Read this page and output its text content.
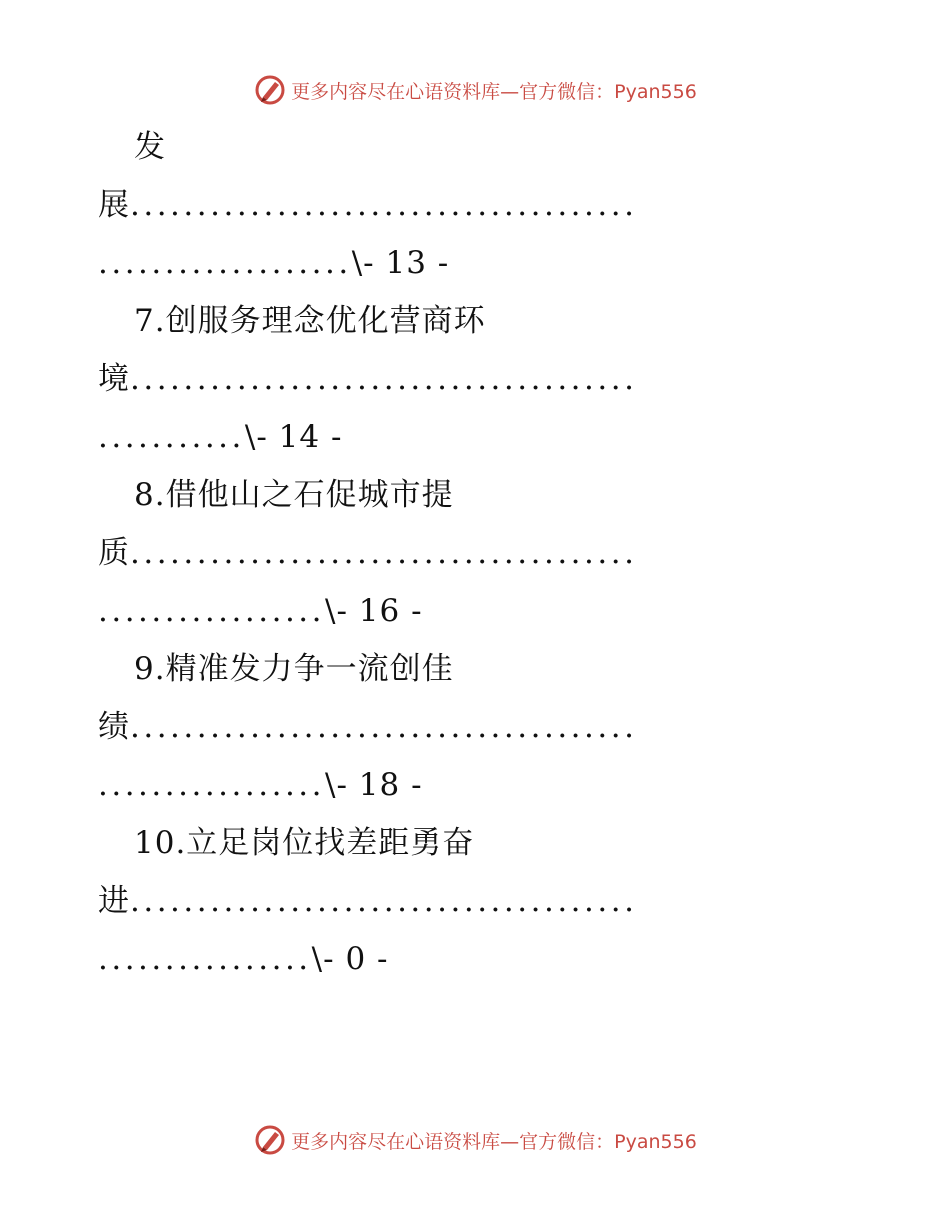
更多内容尽在心语资料库—官方微信：Pyan556
发
展......................................
...................\- 13 -
7.创服务理念优化营商环
境......................................
...........\- 14 -
8.借他山之石促城市提
质......................................
.................\- 16 -
9.精准发力争一流创佳
绩......................................
.................\- 18 -
10.立足岗位找差距勇奋
进......................................
................\- 0 -
更多内容尽在心语资料库—官方微信：Pyan556
